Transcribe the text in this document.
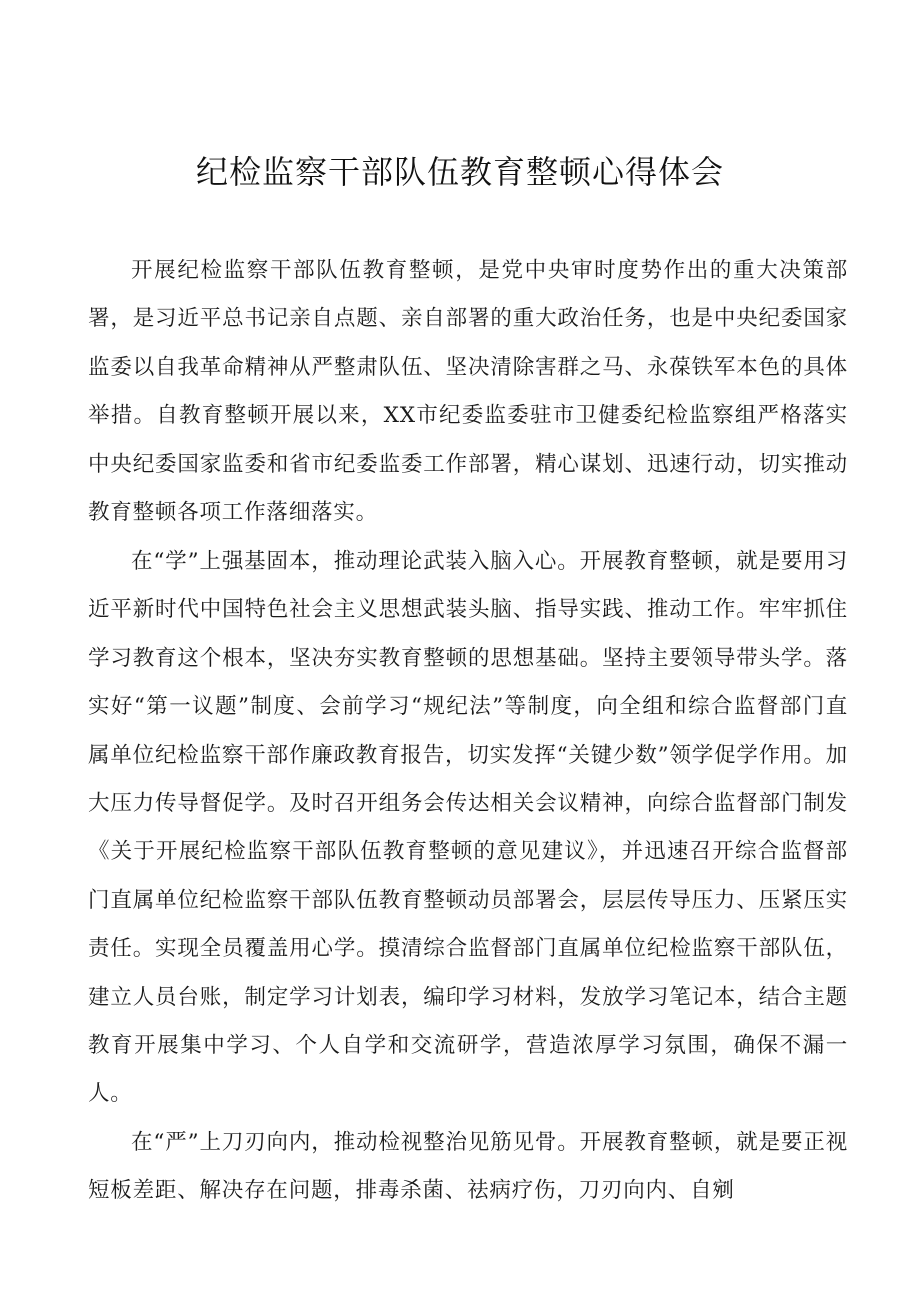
纪检监察干部队伍教育整顿心得体会

开展纪检监察干部队伍教育整顿，是党中央审时度势作出的重大决策部署，是习近平总书记亲自点题、亲自部署的重大政治任务，也是中央纪委国家监委以自我革命精神从严整肃队伍、坚决清除害群之马、永葆铁军本色的具体举措。自教育整顿开展以来，XX市纪委监委驻市卫健委纪检监察组严格落实中央纪委国家监委和省市纪委监委工作部署，精心谋划、迅速行动，切实推动教育整顿各项工作落细落实。

在“学”上强基固本，推动理论武装入脑入心。开展教育整顿，就是要用习近平新时代中国特色社会主义思想武装头脑、指导实践、推动工作。牢牢抓住学习教育这个根本，坚决夯实教育整顿的思想基础。坚持主要领导带头学。落实好“第一议题”制度、会前学习“规纪法”等制度，向全组和综合监督部门直属单位纪检监察干部作廉政教育报告，切实发挥“关键少数”领学促学作用。加大压力传导督促学。及时召开组务会传达相关会议精神，向综合监督部门制发《关于开展纪检监察干部队伍教育整顿的意见建议》，并迅速召开综合监督部门直属单位纪检监察干部队伍教育整顿动员部署会，层层传导压力、压紧压实责任。实现全员覆盖用心学。摸清综合监督部门直属单位纪检监察干部队伍，建立人员台账，制定学习计划表，编印学习材料，发放学习笔记本，结合主题教育开展集中学习、个人自学和交流研学，营造浓厚学习氛围，确保不漏一人。

在“严”上刀刃向内，推动检视整治见筋见骨。开展教育整顿，就是要正视短板差距、解决存在问题，排毒杀菌、祛病疗伤，刀刃向内、自剜
